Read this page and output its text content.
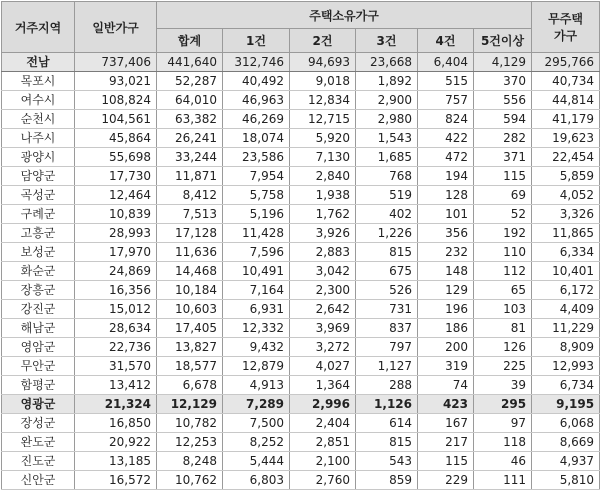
거주지역	일반가구	주택소유가구						무주택
가구
		합계	1건	2건	3건	4건	5건이상	
전남	737,406	441,640	312,746	94,693	23,668	6,404	4,129	295,766
목포시	93,021	52,287	40,492	9,018	1,892	515	370	40,734
여수시	108,824	64,010	46,963	12,834	2,900	757	556	44,814
순천시	104,561	63,382	46,269	12,715	2,980	824	594	41,179
나주시	45,864	26,241	18,074	5,920	1,543	422	282	19,623
광양시	55,698	33,244	23,586	7,130	1,685	472	371	22,454
담양군	17,730	11,871	7,954	2,840	768	194	115	5,859
곡성군	12,464	8,412	5,758	1,938	519	128	69	4,052
구례군	10,839	7,513	5,196	1,762	402	101	52	3,326
고흥군	28,993	17,128	11,428	3,926	1,226	356	192	11,865
보성군	17,970	11,636	7,596	2,883	815	232	110	6,334
화순군	24,869	14,468	10,491	3,042	675	148	112	10,401
장흥군	16,356	10,184	7,164	2,300	526	129	65	6,172
강진군	15,012	10,603	6,931	2,642	731	196	103	4,409
해남군	28,634	17,405	12,332	3,969	837	186	81	11,229
영암군	22,736	13,827	9,432	3,272	797	200	126	8,909
무안군	31,570	18,577	12,879	4,027	1,127	319	225	12,993
함평군	13,412	6,678	4,913	1,364	288	74	39	6,734
영광군	21,324	12,129	7,289	2,996	1,126	423	295	9,195
장성군	16,850	10,782	7,500	2,404	614	167	97	6,068
완도군	20,922	12,253	8,252	2,851	815	217	118	8,669
진도군	13,185	8,248	5,444	2,100	543	115	46	4,937
신안군	16,572	10,762	6,803	2,760	859	229	111	5,810
